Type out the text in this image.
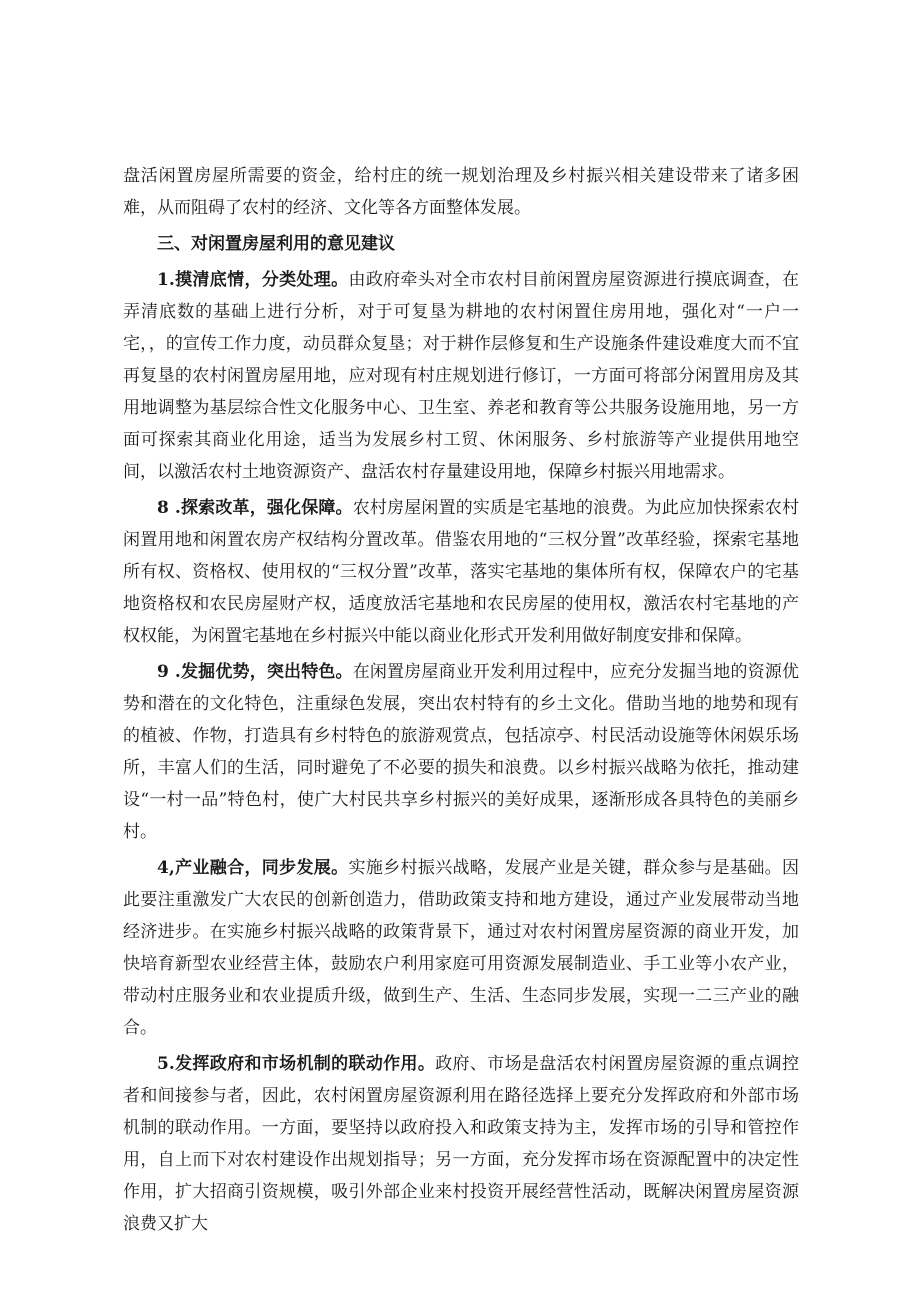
盘活闲置房屋所需要的资金，给村庄的统一规划治理及乡村振兴相关建设带来了诸多困难，从而阻碍了农村的经济、文化等各方面整体发展。

三、对闲置房屋利用的意见建议

1.摸清底情，分类处理。由政府牵头对全市农村目前闲置房屋资源进行摸底调查，在弄清底数的基础上进行分析，对于可复垦为耕地的农村闲置住房用地，强化对“一户一宅，，的宣传工作力度，动员群众复垦；对于耕作层修复和生产设施条件建设难度大而不宜再复垦的农村闲置房屋用地，应对现有村庄规划进行修订，一方面可将部分闲置用房及其用地调整为基层综合性文化服务中心、卫生室、养老和教育等公共服务设施用地，另一方面可探索其商业化用途，适当为发展乡村工贸、休闲服务、乡村旅游等产业提供用地空间，以激活农村土地资源资产、盘活农村存量建设用地，保障乡村振兴用地需求。

8 .探索改革，强化保障。农村房屋闲置的实质是宅基地的浪费。为此应加快探索农村闲置用地和闲置农房产权结构分置改革。借鉴农用地的“三权分置”改革经验，探索宅基地所有权、资格权、使用权的“三权分置”改革，落实宅基地的集体所有权，保障农户的宅基地资格权和农民房屋财产权，适度放活宅基地和农民房屋的使用权，激活农村宅基地的产权权能，为闲置宅基地在乡村振兴中能以商业化形式开发利用做好制度安排和保障。

9 .发掘优势，突出特色。在闲置房屋商业开发利用过程中，应充分发掘当地的资源优势和潜在的文化特色，注重绿色发展，突出农村特有的乡土文化。借助当地的地势和现有的植被、作物，打造具有乡村特色的旅游观赏点，包括凉亭、村民活动设施等休闲娱乐场所，丰富人们的生活，同时避免了不必要的损失和浪费。以乡村振兴战略为依托，推动建设“一村一品”特色村，使广大村民共享乡村振兴的美好成果，逐渐形成各具特色的美丽乡村。

4,产业融合，同步发展。实施乡村振兴战略，发展产业是关键，群众参与是基础。因此要注重激发广大农民的创新创造力，借助政策支持和地方建设，通过产业发展带动当地经济进步。在实施乡村振兴战略的政策背景下，通过对农村闲置房屋资源的商业开发，加快培育新型农业经营主体，鼓励农户利用家庭可用资源发展制造业、手工业等小农产业，带动村庄服务业和农业提质升级，做到生产、生活、生态同步发展，实现一二三产业的融合。

5.发挥政府和市场机制的联动作用。政府、市场是盘活农村闲置房屋资源的重点调控者和间接参与者，因此，农村闲置房屋资源利用在路径选择上要充分发挥政府和外部市场机制的联动作用。一方面，要坚持以政府投入和政策支持为主，发挥市场的引导和管控作用，自上而下对农村建设作出规划指导；另一方面，充分发挥市场在资源配置中的决定性作用，扩大招商引资规模，吸引外部企业来村投资开展经营性活动，既解决闲置房屋资源浪费又扩大
